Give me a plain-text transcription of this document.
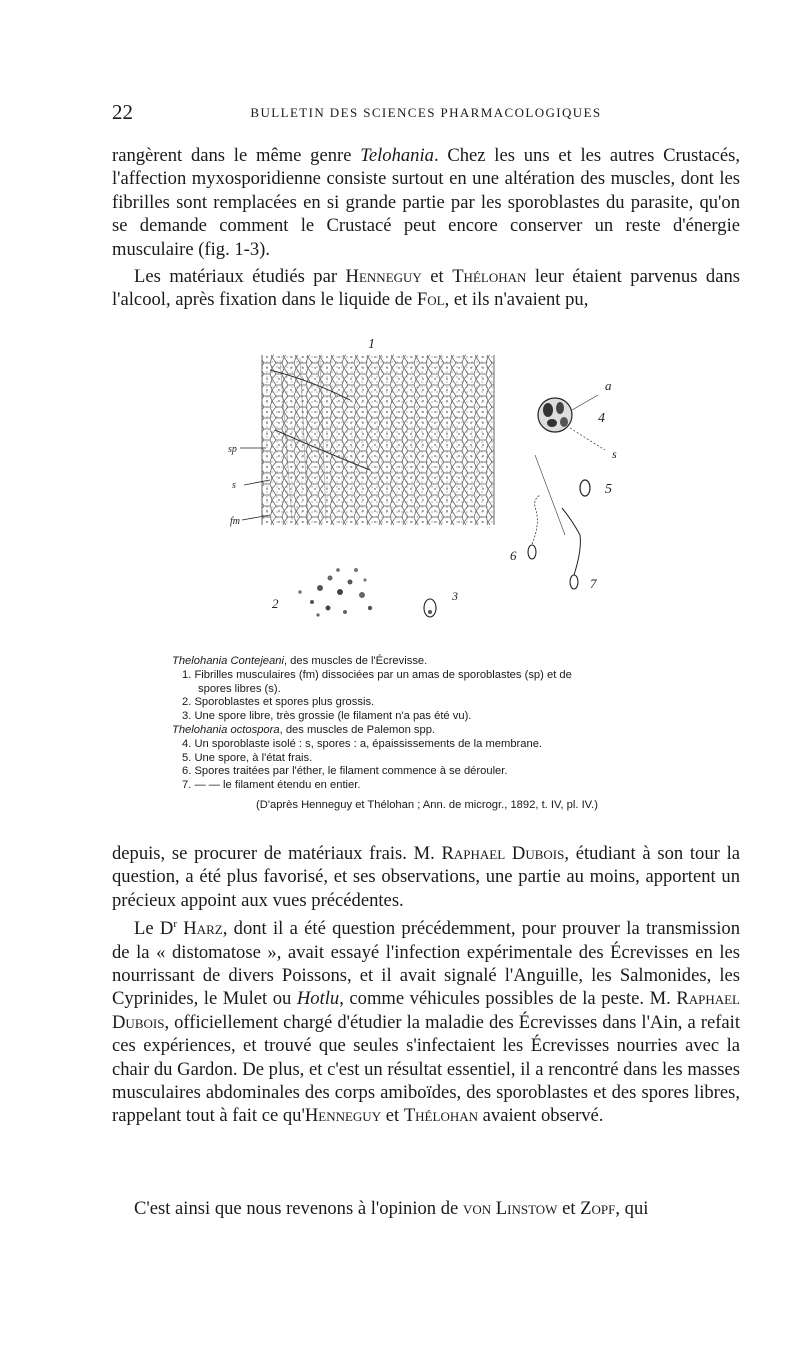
22	BULLETIN DES SCIENCES PHARMACOLOGIQUES

rangèrent dans le même genre Telohania. Chez les uns et les autres Crustacés, l'affection myxosporidienne consiste surtout en une altération des muscles, dont les fibrilles sont remplacées en si grande partie par les sporoblastes du parasite, qu'on se demande comment le Crustacé peut encore conserver un reste d'énergie musculaire (fig. 1-3).

Les matériaux étudiés par Henneguy et Thélohan leur étaient parvenus dans l'alcool, après fixation dans le liquide de Fol, et ils n'avaient pu,

1
sp
s
fm
a
4
s
5
6
7
2	3
Thelohania Contejeani, des muscles de l'Écrevisse.
1. Fibrilles musculaires (fm) dissociées par un amas de sporoblastes (sp) et de
spores libres (s).
2. Sporoblastes et spores plus grossis.
3. Une spore libre, très grossie (le filament n'a pas été vu).
Thelohania octospora, des muscles de Palemon spp.
4. Un sporoblaste isolé : s, spores : a, épaississements de la membrane.
5. Une spore, à l'état frais.
6. Spores traitées par l'éther, le filament commence à se dérouler.
7. — — le filament étendu en entier.
(D'après Henneguy et Thélohan ; Ann. de microgr., 1892, t. IV, pl. IV.)

depuis, se procurer de matériaux frais. M. Raphael Dubois, étudiant à son tour la question, a été plus favorisé, et ses observations, une partie au moins, apportent un précieux appoint aux vues précédentes.

Le $D^r$ Harz, dont il a été question précédemment, pour prouver la transmission de la « distomatose », avait essayé l'infection expérimentale des Écrevisses en les nourrissant de divers Poissons, et il avait signalé l'Anguille, les Salmonides, les Cyprinides, le Mulet ou Hotlu, comme véhicules possibles de la peste. M. Raphael Dubois, officiellement chargé d'étudier la maladie des Écrevisses dans l'Ain, a refait ces expériences, et trouvé que seules s'infectaient les Écrevisses nourries avec la chair du Gardon. De plus, et c'est un résultat essentiel, il a rencontré dans les masses musculaires abdominales des corps amiboïdes, des sporoblastes et des spores libres, rappelant tout à fait ce qu'Henneguy et Thélohan avaient observé.

C'est ainsi que nous revenons à l'opinion de von Linstow et Zopf, qui
